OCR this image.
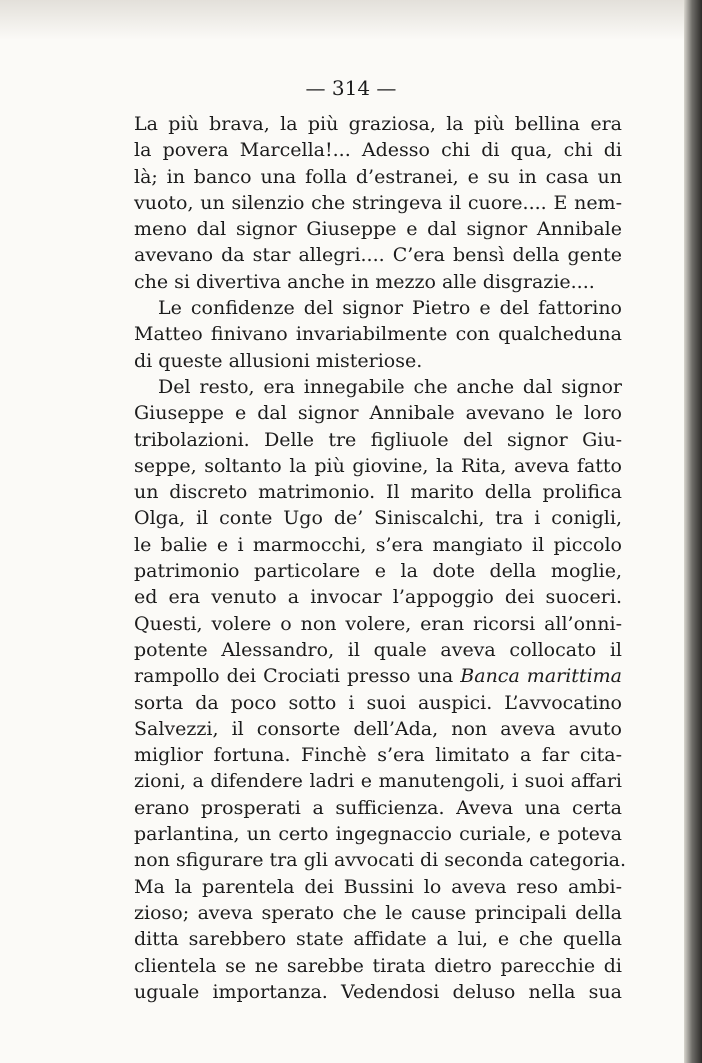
— 314 —
La più brava, la più graziosa, la più bellina era
la povera Marcella!... Adesso chi di qua, chi di
là; in banco una folla d’estranei, e su in casa un
vuoto, un silenzio che stringeva il cuore.... E nem-
meno dal signor Giuseppe e dal signor Annibale
avevano da star allegri.... C’era bensì della gente
che si divertiva anche in mezzo alle disgrazie....
Le confidenze del signor Pietro e del fattorino
Matteo finivano invariabilmente con qualcheduna
di queste allusioni misteriose.
Del resto, era innegabile che anche dal signor
Giuseppe e dal signor Annibale avevano le loro
tribolazioni. Delle tre figliuole del signor Giu-
seppe, soltanto la più giovine, la Rita, aveva fatto
un discreto matrimonio. Il marito della prolifica
Olga, il conte Ugo de’ Siniscalchi, tra i conigli,
le balie e i marmocchi, s’era mangiato il piccolo
patrimonio particolare e la dote della moglie,
ed era venuto a invocar l’appoggio dei suoceri.
Questi, volere o non volere, eran ricorsi all’onni-
potente Alessandro, il quale aveva collocato il
rampollo dei Crociati presso una Banca marittima
sorta da poco sotto i suoi auspici. L’avvocatino
Salvezzi, il consorte dell’Ada, non aveva avuto
miglior fortuna. Finchè s’era limitato a far cita-
zioni, a difendere ladri e manutengoli, i suoi affari
erano prosperati a sufficienza. Aveva una certa
parlantina, un certo ingegnaccio curiale, e poteva
non sfigurare tra gli avvocati di seconda categoria.
Ma la parentela dei Bussini lo aveva reso ambi-
zioso; aveva sperato che le cause principali della
ditta sarebbero state affidate a lui, e che quella
clientela se ne sarebbe tirata dietro parecchie di
uguale importanza. Vedendosi deluso nella sua
